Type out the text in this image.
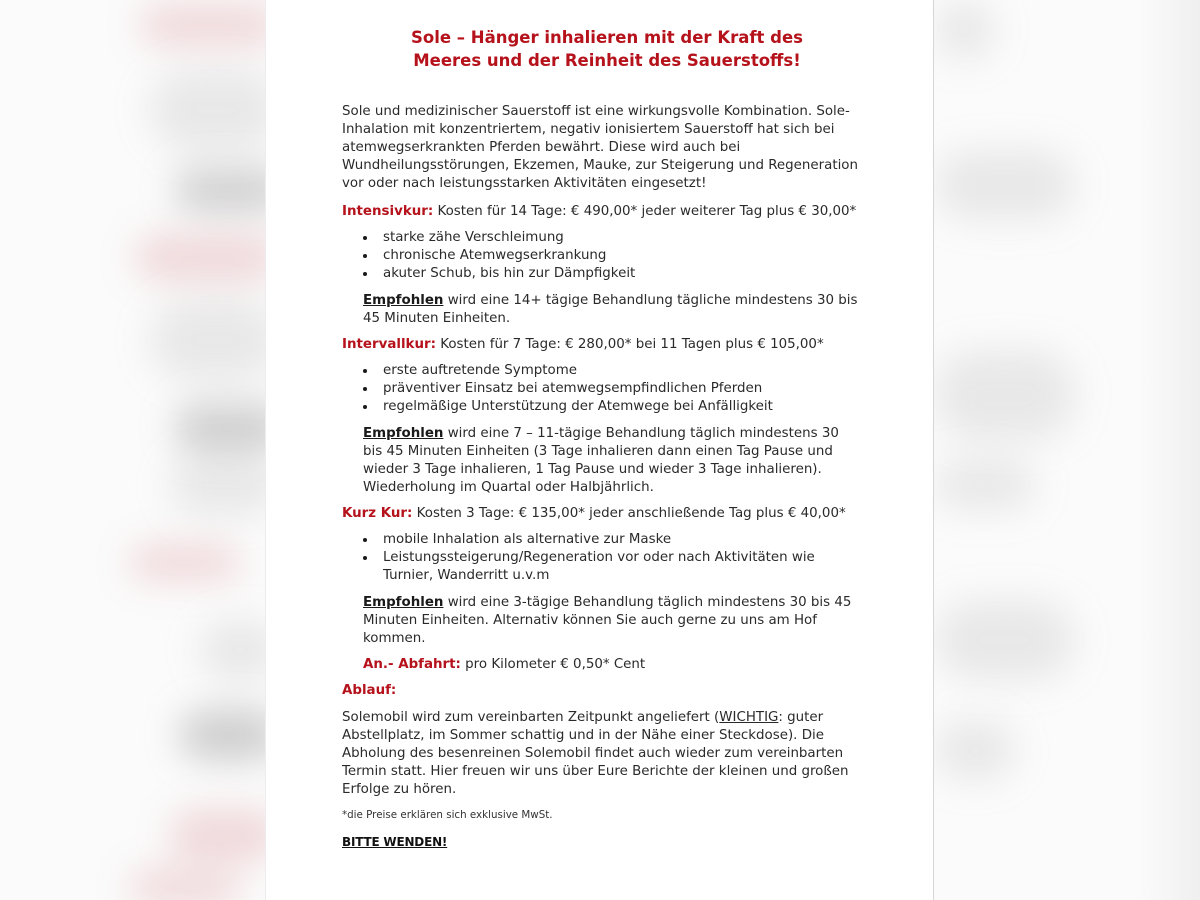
Sole – Hänger inhalieren mit der Kraft des
Meeres und der Reinheit des Sauerstoffs!

Sole und medizinischer Sauerstoff ist eine wirkungsvolle Kombination. Sole-Inhalation mit konzentriertem, negativ ionisiertem Sauerstoff hat sich bei atemwegserkrankten Pferden bewährt. Diese wird auch bei Wundheilungsstörungen, Ekzemen, Mauke, zur Steigerung und Regeneration vor oder nach leistungsstarken Aktivitäten eingesetzt!

Intensivkur: Kosten für 14 Tage: € 490,00* jeder weiterer Tag plus € 30,00*

starke zähe Verschleimung
chronische Atemwegserkrankung
akuter Schub, bis hin zur Dämpfigkeit

Empfohlen wird eine 14+ tägige Behandlung tägliche mindestens 30 bis 45 Minuten Einheiten.

Intervallkur: Kosten für 7 Tage: € 280,00* bei 11 Tagen plus € 105,00*

erste auftretende Symptome
präventiver Einsatz bei atemwegsempfindlichen Pferden
regelmäßige Unterstützung der Atemwege bei Anfälligkeit

Empfohlen wird eine 7 – 11-tägige Behandlung täglich mindestens 30 bis 45 Minuten Einheiten (3 Tage inhalieren dann einen Tag Pause und wieder 3 Tage inhalieren, 1 Tag Pause und wieder 3 Tage inhalieren). Wiederholung im Quartal oder Halbjährlich.

Kurz Kur: Kosten 3 Tage: € 135,00* jeder anschließende Tag plus € 40,00*

mobile Inhalation als alternative zur Maske
Leistungssteigerung/Regeneration vor oder nach Aktivitäten wie Turnier, Wanderritt u.v.m

Empfohlen wird eine 3-tägige Behandlung täglich mindestens 30 bis 45 Minuten Einheiten. Alternativ können Sie auch gerne zu uns am Hof kommen.

An.- Abfahrt: pro Kilometer € 0,50* Cent

Ablauf:

Solemobil wird zum vereinbarten Zeitpunkt angeliefert (WICHTIG: guter Abstellplatz, im Sommer schattig und in der Nähe einer Steckdose). Die Abholung des besenreinen Solemobil findet auch wieder zum vereinbarten Termin statt. Hier freuen wir uns über Eure Berichte der kleinen und großen Erfolge zu hören.

*die Preise erklären sich exklusive MwSt.

BITTE WENDEN!
